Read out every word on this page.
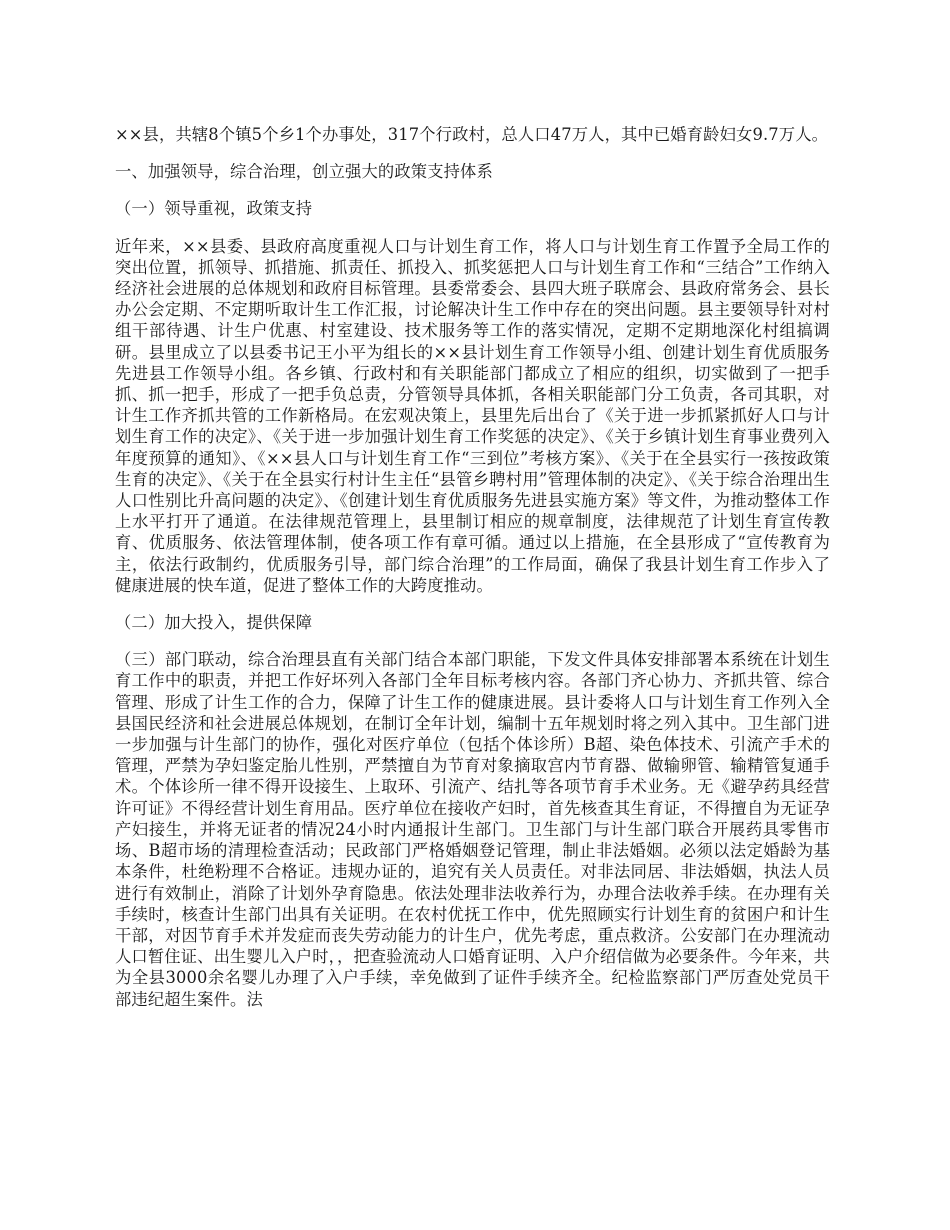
××县，共辖8个镇5个乡1个办事处，317个行政村，总人口47万人，其中已婚育龄妇女9.7万人。

一、加强领导，综合治理，创立强大的政策支持体系

（一）领导重视，政策支持

近年来，××县委、县政府高度重视人口与计划生育工作，将人口与计划生育工作置予全局工作的突出位置，抓领导、抓措施、抓责任、抓投入、抓奖惩把人口与计划生育工作和“三结合”工作纳入经济社会进展的总体规划和政府目标管理。县委常委会、县四大班子联席会、县政府常务会、县长办公会定期、不定期听取计生工作汇报，讨论解决计生工作中存在的突出问题。县主要领导针对村组干部待遇、计生户优惠、村室建设、技术服务等工作的落实情况，定期不定期地深化村组搞调研。县里成立了以县委书记王小平为组长的××县计划生育工作领导小组、创建计划生育优质服务先进县工作领导小组。各乡镇、行政村和有关职能部门都成立了相应的组织，切实做到了一把手抓、抓一把手，形成了一把手负总责，分管领导具体抓，各相关职能部门分工负责，各司其职，对计生工作齐抓共管的工作新格局。在宏观决策上，县里先后出台了《关于进一步抓紧抓好人口与计划生育工作的决定》、《关于进一步加强计划生育工作奖惩的决定》、《关于乡镇计划生育事业费列入年度预算的通知》、《××县人口与计划生育工作“三到位”考核方案》、《关于在全县实行一孩按政策生育的决定》、《关于在全县实行村计生主任“县管乡聘村用”管理体制的决定》、《关于综合治理出生人口性别比升高问题的决定》、《创建计划生育优质服务先进县实施方案》等文件，为推动整体工作上水平打开了通道。在法律规范管理上，县里制订相应的规章制度，法律规范了计划生育宣传教育、优质服务、依法管理体制，使各项工作有章可循。通过以上措施，在全县形成了“宣传教育为主，依法行政制约，优质服务引导，部门综合治理”的工作局面，确保了我县计划生育工作步入了健康进展的快车道，促进了整体工作的大跨度推动。

（二）加大投入，提供保障

（三）部门联动，综合治理县直有关部门结合本部门职能，下发文件具体安排部署本系统在计划生育工作中的职责，并把工作好坏列入各部门全年目标考核内容。各部门齐心协力、齐抓共管、综合管理、形成了计生工作的合力，保障了计生工作的健康进展。县计委将人口与计划生育工作列入全县国民经济和社会进展总体规划，在制订全年计划，编制十五年规划时将之列入其中。卫生部门进一步加强与计生部门的协作，强化对医疗单位（包括个体诊所）B超、染色体技术、引流产手术的管理，严禁为孕妇鉴定胎儿性别，严禁擅自为节育对象摘取宫内节育器、做输卵管、输精管复通手术。个体诊所一律不得开设接生、上取环、引流产、结扎等各项节育手术业务。无《避孕药具经营许可证》不得经营计划生育用品。医疗单位在接收产妇时，首先核查其生育证，不得擅自为无证孕产妇接生，并将无证者的情况24小时内通报计生部门。卫生部门与计生部门联合开展药具零售市场、B超市场的清理检查活动；民政部门严格婚姻登记管理，制止非法婚姻。必须以法定婚龄为基本条件，杜绝粉理不合格证。违规办证的，追究有关人员责任。对非法同居、非法婚姻，执法人员进行有效制止，消除了计划外孕育隐患。依法处理非法收养行为，办理合法收养手续。在办理有关手续时，核查计生部门出具有关证明。在农村优抚工作中，优先照顾实行计划生育的贫困户和计生干部，对因节育手术并发症而丧失劳动能力的计生户，优先考虑，重点救济。公安部门在办理流动人口暂住证、出生婴儿入户时，，把查验流动人口婚育证明、入户介绍信做为必要条件。今年来，共为全县3000余名婴儿办理了入户手续，幸免做到了证件手续齐全。纪检监察部门严厉查处党员干部违纪超生案件。法
